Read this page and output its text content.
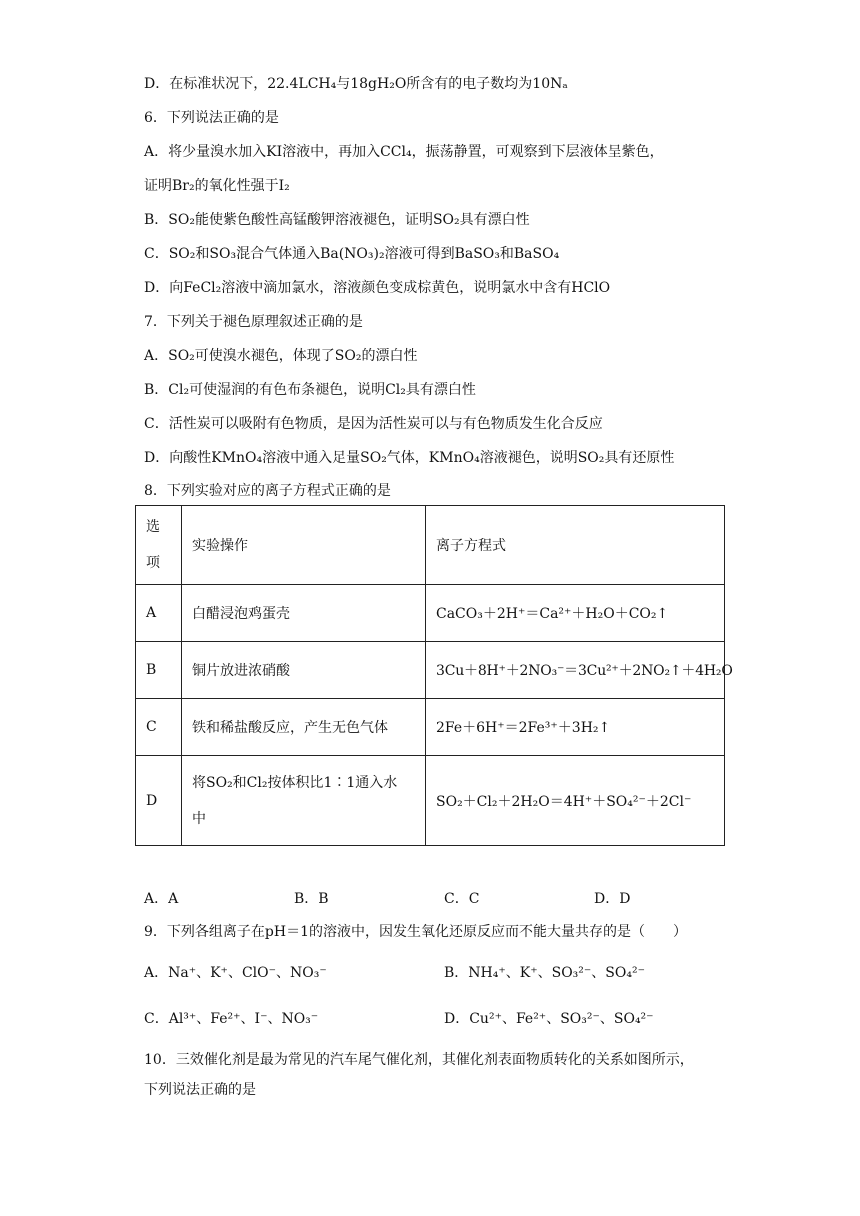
D．在标准状况下，22.4LCH₄与18gH₂O所含有的电子数均为10Nₐ
6．下列说法正确的是
A．将少量溴水加入KI溶液中，再加入CCl₄，振荡静置，可观察到下层液体呈紫色，
证明Br₂的氧化性强于I₂
B．SO₂能使紫色酸性高锰酸钾溶液褪色，证明SO₂具有漂白性
C．SO₂和SO₃混合气体通入Ba(NO₃)₂溶液可得到BaSO₃和BaSO₄
D．向FeCl₂溶液中滴加氯水，溶液颜色变成棕黄色，说明氯水中含有HClO
7．下列关于褪色原理叙述正确的是
A．SO₂可使溴水褪色，体现了SO₂的漂白性
B．Cl₂可使湿润的有色布条褪色，说明Cl₂具有漂白性
C．活性炭可以吸附有色物质，是因为活性炭可以与有色物质发生化合反应
D．向酸性KMnO₄溶液中通入足量SO₂气体，KMnO₄溶液褪色，说明SO₂具有还原性
8．下列实验对应的离子方程式正确的是
选
项	实验操作	离子方程式
A	白醋浸泡鸡蛋壳	CaCO₃＋2H⁺＝Ca²⁺＋H₂O＋CO₂↑
B	铜片放进浓硝酸	3Cu＋8H⁺＋2NO₃⁻＝3Cu²⁺＋2NO₂↑＋4H₂O
C	铁和稀盐酸反应，产生无色气体	2Fe＋6H⁺＝2Fe³⁺＋3H₂↑
D	将SO₂和Cl₂按体积比1∶1通入水
中	SO₂＋Cl₂＋2H₂O＝4H⁺＋SO₄²⁻＋2Cl⁻
A．A	B．B	C．C	D．D
9．下列各组离子在pH＝1的溶液中，因发生氧化还原反应而不能大量共存的是（　　）
A．Na⁺、K⁺、ClO⁻、NO₃⁻	B．NH₄⁺、K⁺、SO₃²⁻、SO₄²⁻
C．Al³⁺、Fe²⁺、I⁻、NO₃⁻	D．Cu²⁺、Fe²⁺、SO₃²⁻、SO₄²⁻
10．三效催化剂是最为常见的汽车尾气催化剂，其催化剂表面物质转化的关系如图所示，
下列说法正确的是
